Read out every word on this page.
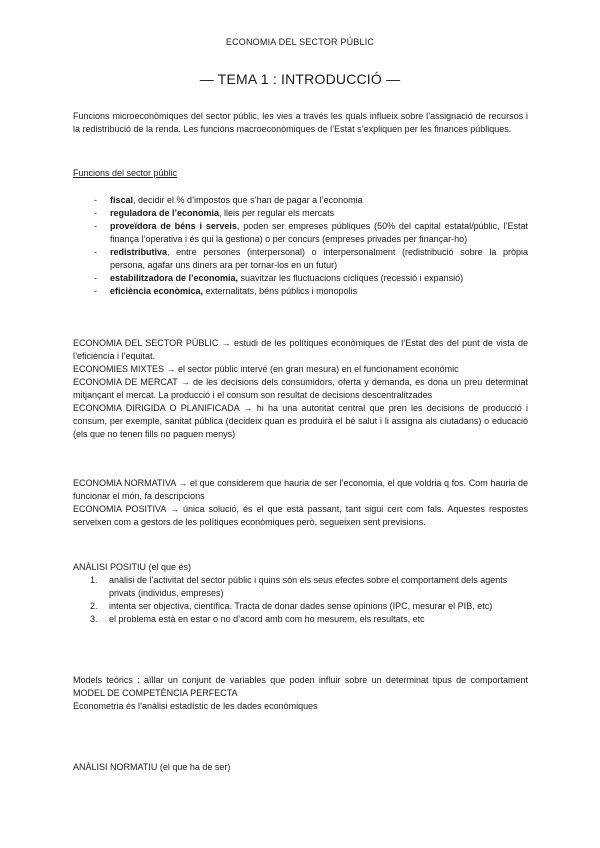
ECONOMIA DEL SECTOR PÚBLIC
— TEMA 1 : INTRODUCCIÓ —

Funcions microeconòmiques del sector públic, les vies a través les quals influeix sobre l’assignació de recursos i la redistribució de la renda. Les funcions macroeconòmiques de l’Estat s’expliquen per les finances públiques.

Funcions del sector públic

- fiscal, decidir el % d’impostos que s’han de pagar a l’economia
- reguladora de l’economia, lleis per regular els mercats
- proveïdora de béns i serveis, poden ser empreses públiques (50% del capital estatal/públic, l’Estat finança l’operativa i és qui la gestiona) o per concurs (empreses privades per finançar-ho)
- redistributiva, entre persones (interpersonal) o interpersonalment (redistribució sobre la pròpia persona, agafar uns diners ara per tornar-los en un futur)
- estabilitzadora de l’economia, suavitzar les fluctuacions cícliques (recessió i expansió)
- eficiència econòmica, externalitats, béns públics i monopolis

ECONOMIA DEL SECTOR PÚBLIC → estudi de les polítiques econòmiques de l’Estat des del punt de vista de l’eficiència i l’equitat.

ECONOMIES MIXTES → el sector públic intervé (en gran mesura) en el funcionament econòmic

ECONOMIA DE MERCAT → de les decisions dels consumidors, oferta y demanda, es dona un preu determinat mitjançant el mercat. La producció i el consum son resultat de decisions descentralitzades

ECONOMIA DIRIGIDA O PLANIFICADA → hi ha una autoritat central que pren les decisions de producció i consum, per exemple, sanitat pública (decideix quan es produirà el bé salut i li assigna als ciutadans) o educació (els que no tenen fills no paguen menys)

ECONOMIA NORMATIVA → el que considerem que hauria de ser l’economia, el que voldria q fos. Com hauria de funcionar el món, fa descripcions

ECONOMIA POSITIVA → única solució, és el que està passant, tant sigui cert com fals. Aquestes respostes serveixen com a gestors de les polítiques econòmiques però, segueixen sent previsions.

ANÀLISI POSITIU (el que és)

1. anàlisi de l’activitat del sector públic i quins són els seus efectes sobre el comportament dels agents privats (individus, empreses)
2. intenta ser objectiva, científica. Tracta de donar dades sense opinions (IPC, mesurar el PIB, etc)
3. el problema està en estar o no d’acord amb com ho mesurem, els resultats, etc

Models teòrics : aïllar un conjunt de variables que poden influir sobre un determinat tipus de comportament MODEL DE COMPETÈNCIA PERFECTA

Econometria és l’anàlisi estadístic de les dades econòmiques

ANÀLISI NORMATIU (el que ha de ser)
